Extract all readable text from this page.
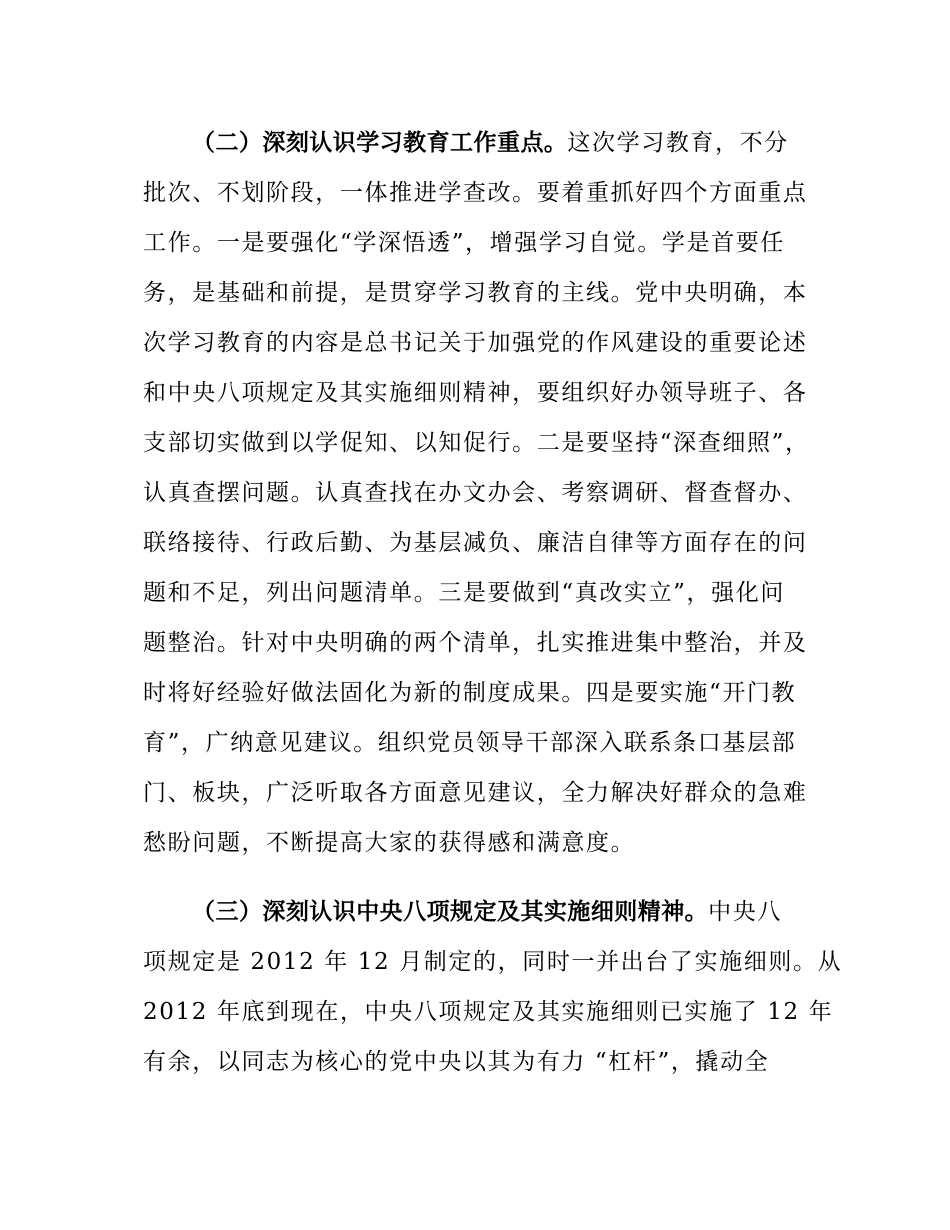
（二）深刻认识学习教育工作重点。这次学习教育，不分
批次、不划阶段，一体推进学查改。要着重抓好四个方面重点
工作。一是要强化“学深悟透”，增强学习自觉。学是首要任
务，是基础和前提，是贯穿学习教育的主线。党中央明确，本
次学习教育的内容是总书记关于加强党的作风建设的重要论述
和中央八项规定及其实施细则精神，要组织好办领导班子、各
支部切实做到以学促知、以知促行。二是要坚持“深查细照”，
认真查摆问题。认真查找在办文办会、考察调研、督查督办、
联络接待、行政后勤、为基层减负、廉洁自律等方面存在的问
题和不足，列出问题清单。三是要做到“真改实立”，强化问
题整治。针对中央明确的两个清单，扎实推进集中整治，并及
时将好经验好做法固化为新的制度成果。四是要实施“开门教
育”，广纳意见建议。组织党员领导干部深入联系条口基层部
门、板块，广泛听取各方面意见建议，全力解决好群众的急难
愁盼问题，不断提高大家的获得感和满意度。
（三）深刻认识中央八项规定及其实施细则精神。中央八
项规定是 2012 年 12 月制定的，同时一并出台了实施细则。从
2012 年底到现在，中央八项规定及其实施细则已实施了 12 年
有余，以同志为核心的党中央以其为有力 “杠杆”，撬动全
